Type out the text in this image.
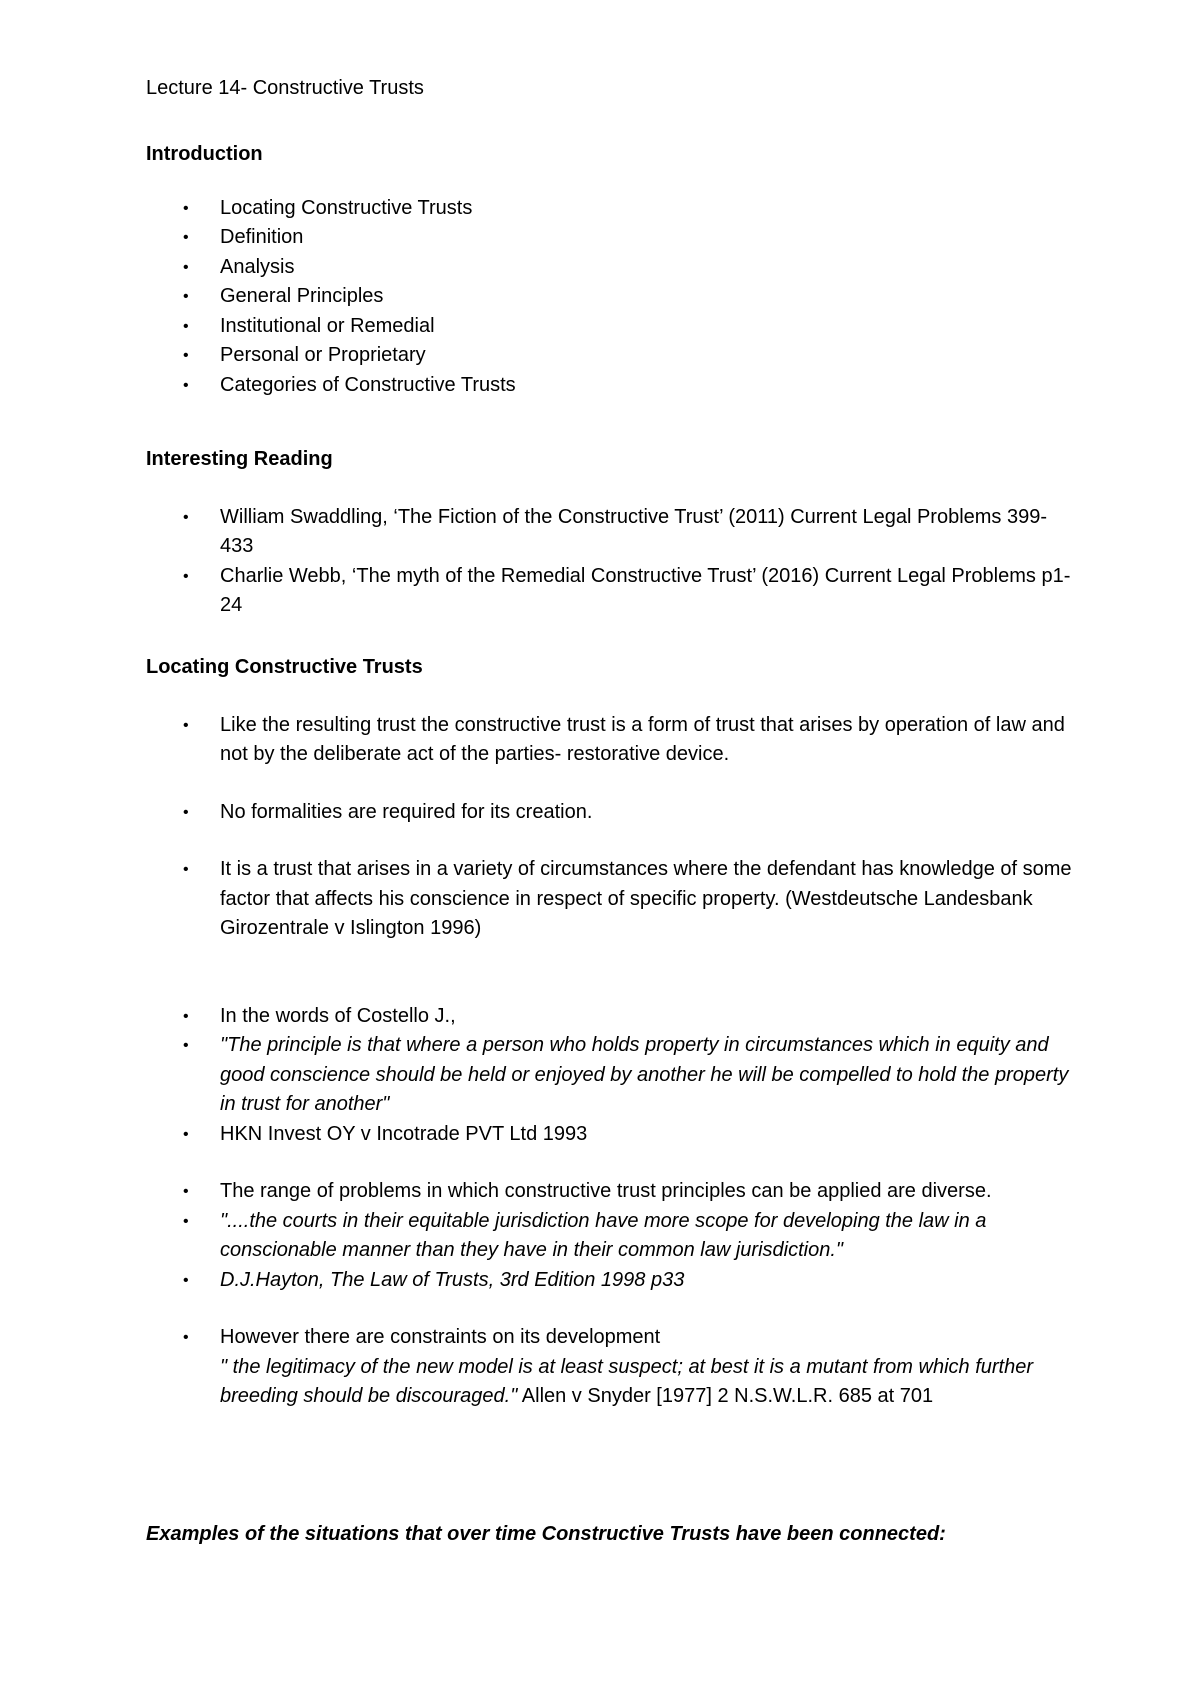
Lecture 14- Constructive Trusts
Introduction
• Locating Constructive Trusts
• Definition
• Analysis
• General Principles
• Institutional or Remedial
• Personal or Proprietary
• Categories of Constructive Trusts
Interesting Reading
• William Swaddling, ‘The Fiction of the Constructive Trust’ (2011) Current Legal Problems 399-433
• Charlie Webb, ‘The myth of the Remedial Constructive Trust’ (2016) Current Legal Problems p1-24
Locating Constructive Trusts
• Like the resulting trust the constructive trust is a form of trust that arises by operation of law and not by the deliberate act of the parties- restorative device.
• No formalities are required for its creation.
• It is a trust that arises in a variety of circumstances where the defendant has knowledge of some factor that affects his conscience in respect of specific property. (Westdeutsche Landesbank Girozentrale v Islington 1996)
• In the words of Costello J.,
• "The principle is that where a person who holds property in circumstances which in equity and good conscience should be held or enjoyed by another he will be compelled to hold the property in trust for another"
• HKN Invest OY v Incotrade PVT Ltd 1993
• The range of problems in which constructive trust principles can be applied are diverse.
• "....the courts in their equitable jurisdiction have more scope for developing the law in a conscionable manner than they have in their common law jurisdiction."
• D.J.Hayton, The Law of Trusts, 3rd Edition 1998 p33
• However there are constraints on its development
" the legitimacy of the new model is at least suspect; at best it is a mutant from which further breeding should be discouraged." Allen v Snyder [1977] 2 N.S.W.L.R. 685 at 701
Examples of the situations that over time Constructive Trusts have been connected:
